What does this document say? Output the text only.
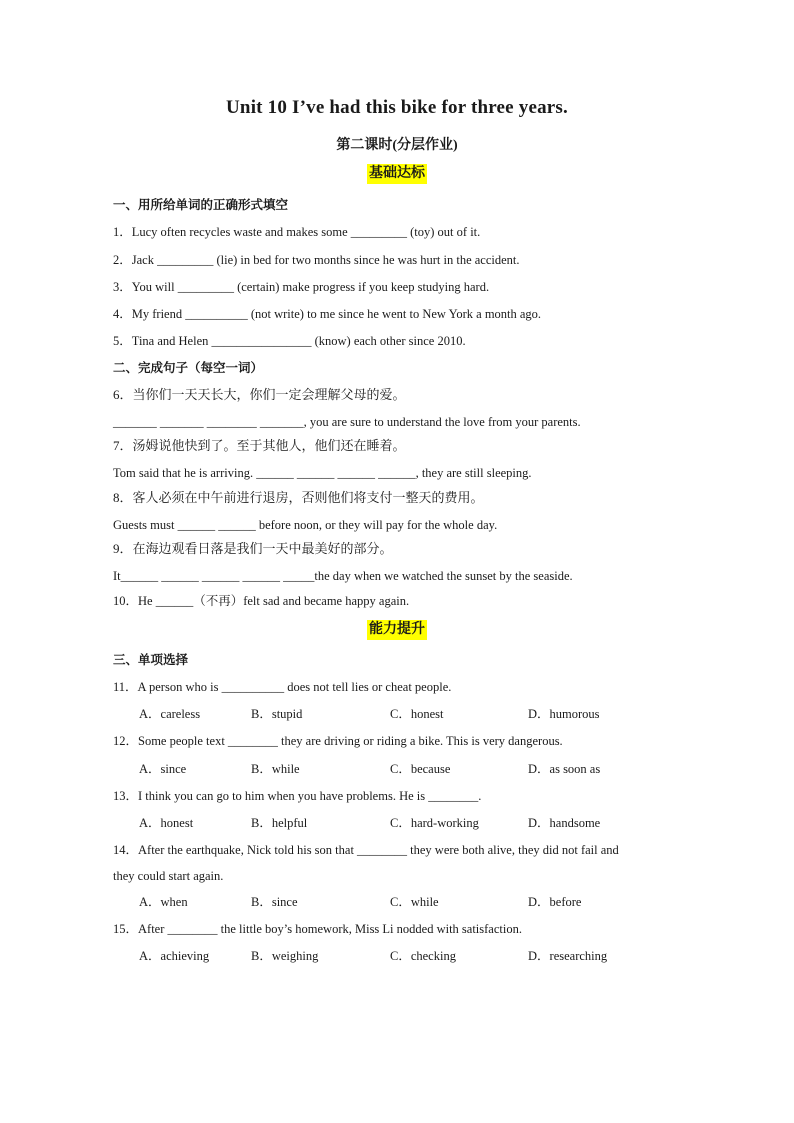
Unit 10 I’ve had this bike for three years.
第二课时(分层作业)
基础达标
一、用所给单词的正确形式填空
1．Lucy often recycles waste and makes some _________ (toy) out of it.
2．Jack _________ (lie) in bed for two months since he was hurt in the accident.
3．You will _________ (certain) make progress if you keep studying hard.
4．My friend __________ (not write) to me since he went to New York a month ago.
5．Tina and Helen ________________ (know) each other since 2010.
二、完成句子（每空一词）
6．当你们一天天长大，你们一定会理解父母的爱。
_______ _______ ________ _______, you are sure to understand the love from your parents.
7．汤姆说他快到了。至于其他人，他们还在睡着。
Tom said that he is arriving. ______ ______ ______ ______, they are still sleeping.
8．客人必须在中午前进行退房，否则他们将支付一整天的费用。
Guests must ______ ______ before noon, or they will pay for the whole day.
9．在海边观看日落是我们一天中最美好的部分。
It______ ______ ______ ______ _____the day when we watched the sunset by the seaside.
10．He ______（不再）felt sad and became happy again.
能力提升
三、单项选择
11．A person who is __________ does not tell lies or cheat people.
A．careless	B．stupid	C．honest	D．humorous
12．Some people text ________ they are driving or riding a bike. This is very dangerous.
A．since	B．while	C．because	D．as soon as
13．I think you can go to him when you have problems. He is ________.
A．honest	B．helpful	C．hard-working	D．handsome
14．After the earthquake, Nick told his son that ________ they were both alive, they did not fail and
they could start again.
A．when	B．since	C．while	D．before
15．After ________ the little boy’s homework, Miss Li nodded with satisfaction.
A．achieving	B．weighing	C．checking	D．researching
